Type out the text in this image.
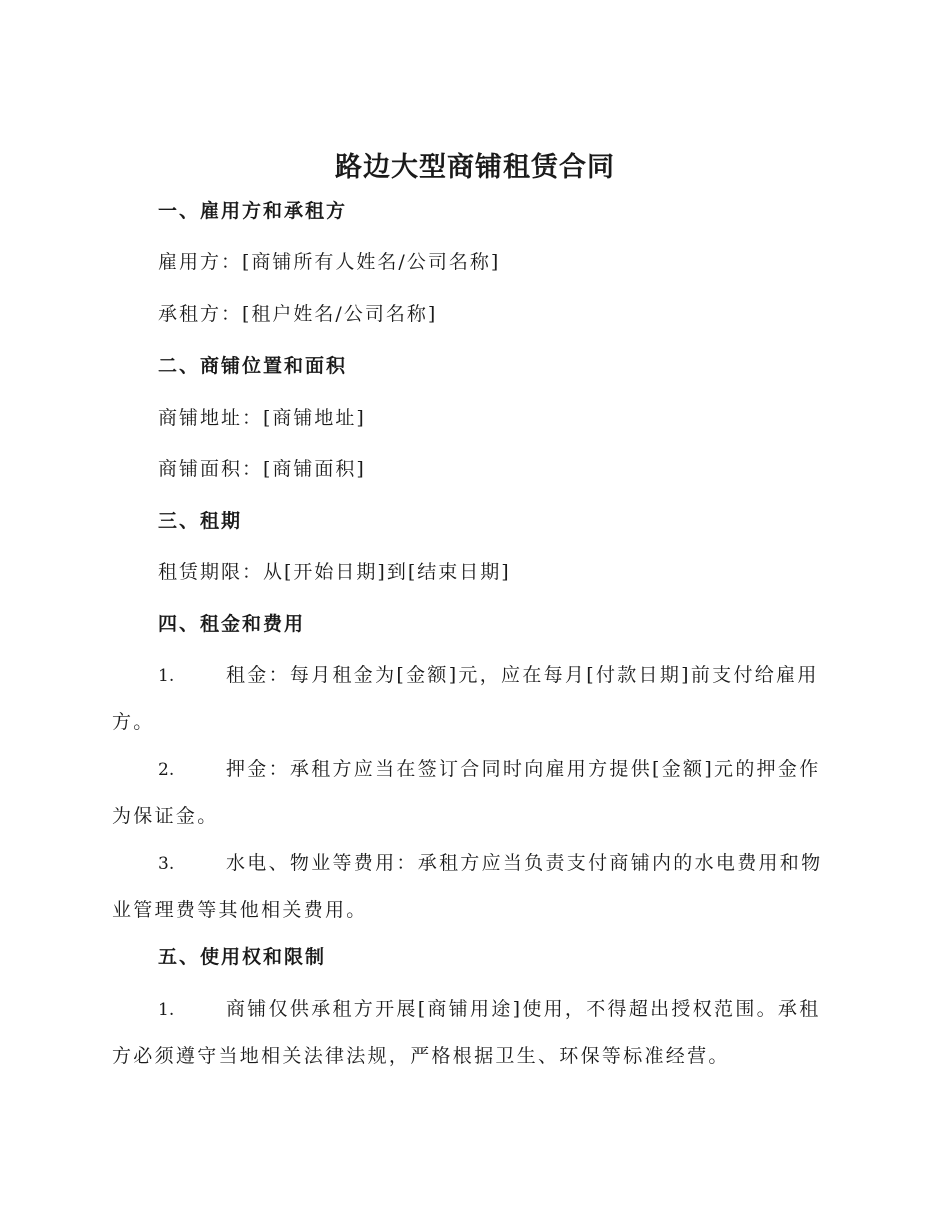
路边大型商铺租赁合同
一、雇用方和承租方
雇用方：[商铺所有人姓名/公司名称]
承租方：[租户姓名/公司名称]
二、商铺位置和面积
商铺地址：[商铺地址]
商铺面积：[商铺面积]
三、租期
租赁期限：从[开始日期]到[结束日期]
四、租金和费用
1.	租金：每月租金为[金额]元，应在每月[付款日期]前支付给雇用方。
2.	押金：承租方应当在签订合同时向雇用方提供[金额]元的押金作为保证金。
3.	水电、物业等费用：承租方应当负责支付商铺内的水电费用和物业管理费等其他相关费用。
五、使用权和限制
1.	商铺仅供承租方开展[商铺用途]使用，不得超出授权范围。承租方必须遵守当地相关法律法规，严格根据卫生、环保等标准经营。
